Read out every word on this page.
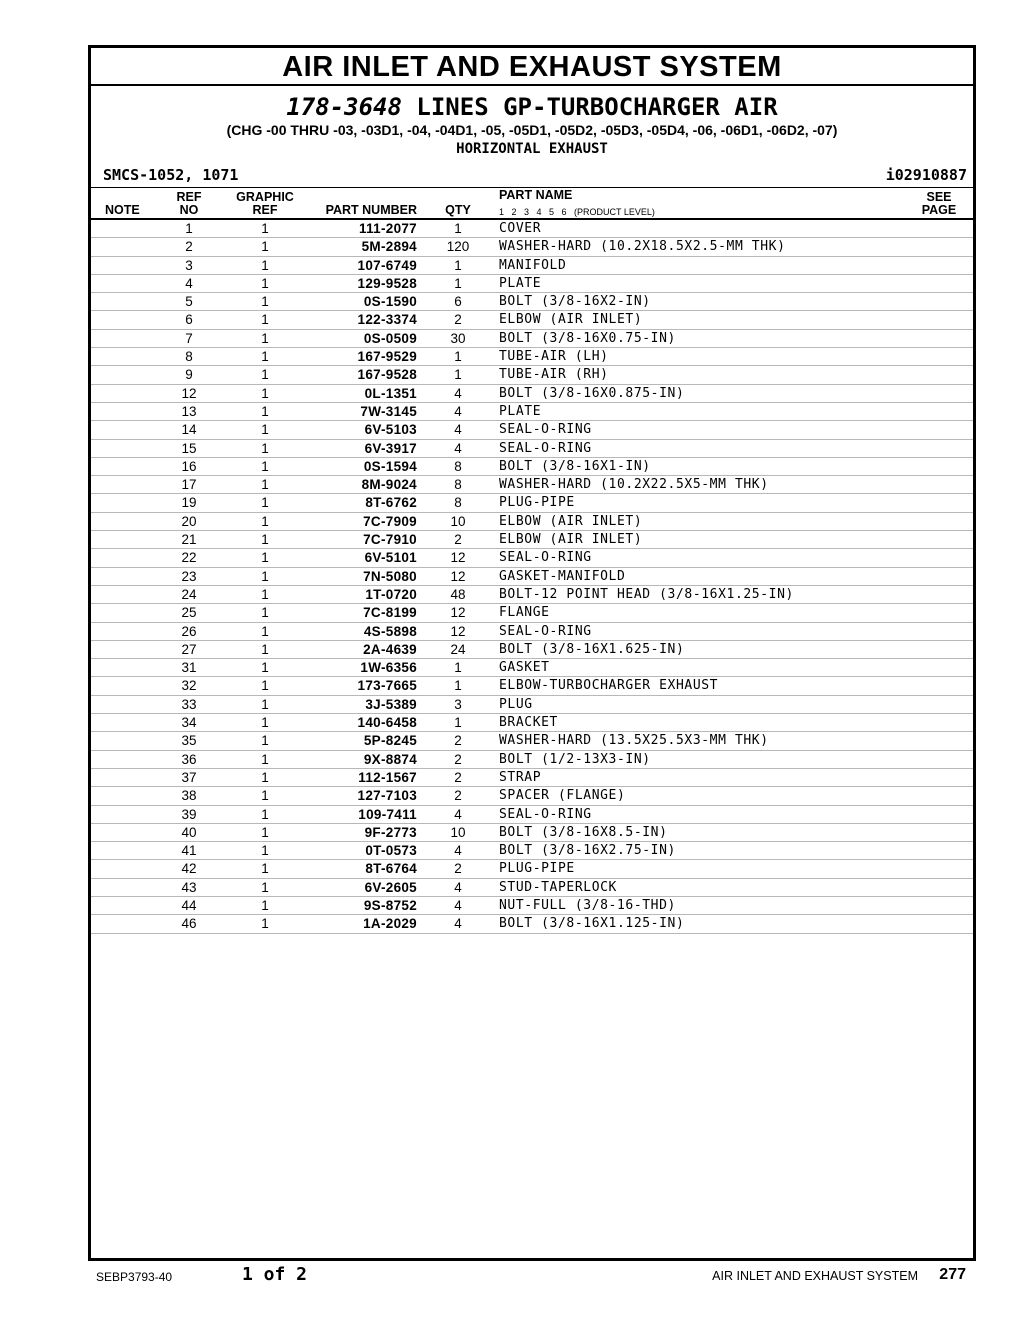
AIR INLET AND EXHAUST SYSTEM
178-3648 LINES GP-TURBOCHARGER AIR
(CHG -00 THRU -03, -03D1, -04, -04D1, -05, -05D1, -05D2, -05D3, -05D4, -06, -06D1, -06D2, -07)
HORIZONTAL EXHAUST
SMCS-1052, 1071	i02910887
NOTE
REF
NO
GRAPHIC
REF	PART NUMBER	QTY
PART NAME
1   2   3   4   5   6   (PRODUCT LEVEL)
SEE
PAGE
1	1	111-2077	1	COVER
2	1	5M-2894	120	WASHER-HARD (10.2X18.5X2.5-MM THK)
3	1	107-6749	1	MANIFOLD
4	1	129-9528	1	PLATE
5	1	0S-1590	6	BOLT (3/8-16X2-IN)
6	1	122-3374	2	ELBOW (AIR INLET)
7	1	0S-0509	30	BOLT (3/8-16X0.75-IN)
8	1	167-9529	1	TUBE-AIR (LH)
9	1	167-9528	1	TUBE-AIR (RH)
12	1	0L-1351	4	BOLT (3/8-16X0.875-IN)
13	1	7W-3145	4	PLATE
14	1	6V-5103	4	SEAL-O-RING
15	1	6V-3917	4	SEAL-O-RING
16	1	0S-1594	8	BOLT (3/8-16X1-IN)
17	1	8M-9024	8	WASHER-HARD (10.2X22.5X5-MM THK)
19	1	8T-6762	8	PLUG-PIPE
20	1	7C-7909	10	ELBOW (AIR INLET)
21	1	7C-7910	2	ELBOW (AIR INLET)
22	1	6V-5101	12	SEAL-O-RING
23	1	7N-5080	12	GASKET-MANIFOLD
24	1	1T-0720	48	BOLT-12 POINT HEAD (3/8-16X1.25-IN)
25	1	7C-8199	12	FLANGE
26	1	4S-5898	12	SEAL-O-RING
27	1	2A-4639	24	BOLT (3/8-16X1.625-IN)
31	1	1W-6356	1	GASKET
32	1	173-7665	1	ELBOW-TURBOCHARGER EXHAUST
33	1	3J-5389	3	PLUG
34	1	140-6458	1	BRACKET
35	1	5P-8245	2	WASHER-HARD (13.5X25.5X3-MM THK)
36	1	9X-8874	2	BOLT (1/2-13X3-IN)
37	1	112-1567	2	STRAP
38	1	127-7103	2	SPACER (FLANGE)
39	1	109-7411	4	SEAL-O-RING
40	1	9F-2773	10	BOLT (3/8-16X8.5-IN)
41	1	0T-0573	4	BOLT (3/8-16X2.75-IN)
42	1	8T-6764	2	PLUG-PIPE
43	1	6V-2605	4	STUD-TAPERLOCK
44	1	9S-8752	4	NUT-FULL (3/8-16-THD)
46	1	1A-2029	4	BOLT (3/8-16X1.125-IN)
SEBP3793-40	1 of 2	AIR INLET AND EXHAUST SYSTEM 277
